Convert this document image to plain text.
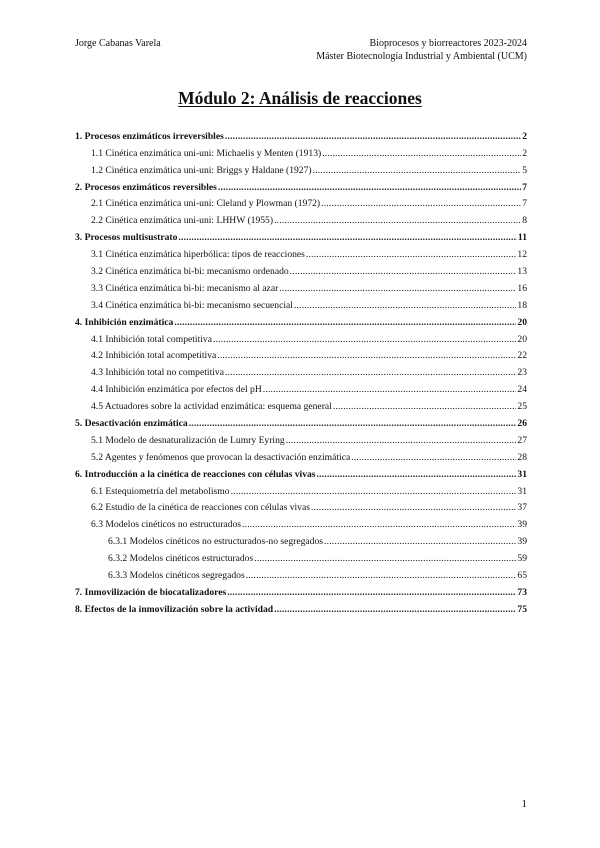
Jorge Cabanas Varela	Bioprocesos y biorreactores 2023-2024
Máster Biotecnología Industrial y Ambiental (UCM)
Módulo 2: Análisis de reacciones
1. Procesos enzimáticos irreversibles .....	2
1.1 Cinética enzimática uni-uni: Michaelis y Menten (1913) .....	2
1.2 Cinética enzimática uni-uni: Briggs y Haldane (1927) .....	5
2. Procesos enzimáticos reversibles .....	7
2.1 Cinética enzimática uni-uni: Cleland y Plowman (1972) .....	7
2.2 Cinética enzimática uni-uni: LHHW (1955) .....	8
3. Procesos multisustrato .....	11
3.1 Cinética enzimática hiperbólica: tipos de reacciones .....	12
3.2 Cinética enzimática bi-bi: mecanismo ordenado .....	13
3.3 Cinética enzimática bi-bi: mecanismo al azar .....	16
3.4 Cinética enzimática bi-bi: mecanismo secuencial .....	18
4. Inhibición enzimática .....	20
4.1 Inhibición total competitiva .....	20
4.2 Inhibición total acompetitiva .....	22
4.3 Inhibición total no competitiva .....	23
4.4 Inhibición enzimática por efectos del pH .....	24
4.5 Actuadores sobre la actividad enzimática: esquema general .....	25
5. Desactivación enzimática .....	26
5.1 Modelo de desnaturalización de Lumry Eyring .....	27
5.2 Agentes y fenómenos que provocan la desactivación enzimática .....	28
6. Introducción a la cinética de reacciones con células vivas .....	31
6.1 Estequiometría del metabolismo .....	31
6.2 Estudio de la cinética de reacciones con células vivas .....	37
6.3 Modelos cinéticos no estructurados .....	39
6.3.1 Modelos cinéticos no estructurados-no segregados .....	39
6.3.2 Modelos cinéticos estructurados .....	59
6.3.3 Modelos cinéticos segregados .....	65
7. Inmovilización de biocatalizadores .....	73
8. Efectos de la inmovilización sobre la actividad .....	75
1
